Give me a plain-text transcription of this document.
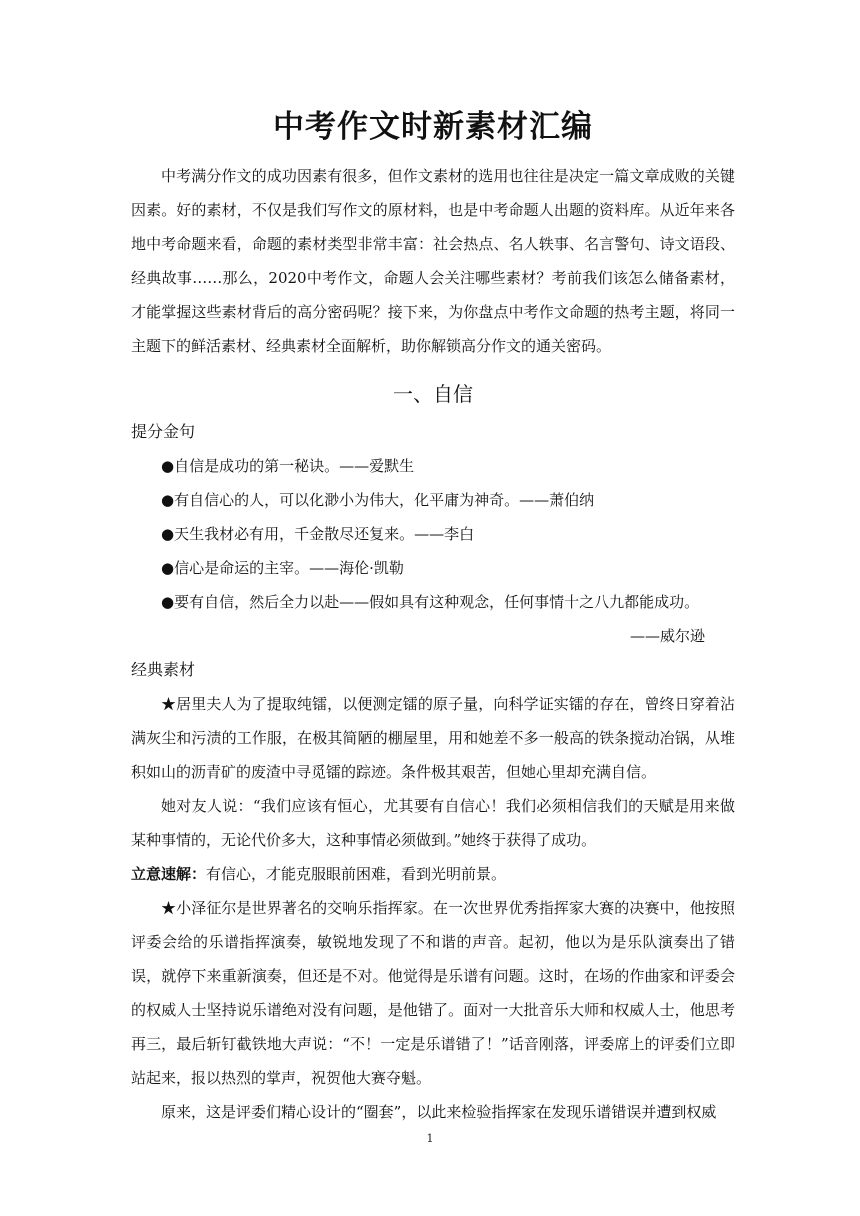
中考作文时新素材汇编

中考满分作文的成功因素有很多，但作文素材的选用也往往是决定一篇文章成败的关键因素。好的素材，不仅是我们写作文的原材料，也是中考命题人出题的资料库。从近年来各地中考命题来看，命题的素材类型非常丰富：社会热点、名人轶事、名言警句、诗文语段、经典故事……那么，2020中考作文，命题人会关注哪些素材？考前我们该怎么储备素材，才能掌握这些素材背后的高分密码呢？接下来，为你盘点中考作文命题的热考主题，将同一主题下的鲜活素材、经典素材全面解析，助你解锁高分作文的通关密码。

一、自信
提分金句

●自信是成功的第一秘诀。——爱默生

●有自信心的人，可以化渺小为伟大，化平庸为神奇。——萧伯纳

●天生我材必有用，千金散尽还复来。——李白

●信心是命运的主宰。——海伦·凯勒

●要有自信，然后全力以赴——假如具有这种观念，任何事情十之八九都能成功。

——威尔逊

经典素材

★居里夫人为了提取纯镭，以便测定镭的原子量，向科学证实镭的存在，曾终日穿着沾满灰尘和污渍的工作服，在极其简陋的棚屋里，用和她差不多一般高的铁条搅动冶锅，从堆积如山的沥青矿的废渣中寻觅镭的踪迹。条件极其艰苦，但她心里却充满自信。

她对友人说：“我们应该有恒心，尤其要有自信心！我们必须相信我们的天赋是用来做某种事情的，无论代价多大，这种事情必须做到。”她终于获得了成功。

立意速解：有信心，才能克服眼前困难，看到光明前景。

★小泽征尔是世界著名的交响乐指挥家。在一次世界优秀指挥家大赛的决赛中，他按照评委会给的乐谱指挥演奏，敏锐地发现了不和谐的声音。起初，他以为是乐队演奏出了错误，就停下来重新演奏，但还是不对。他觉得是乐谱有问题。这时，在场的作曲家和评委会的权威人士坚持说乐谱绝对没有问题，是他错了。面对一大批音乐大师和权威人士，他思考再三，最后斩钉截铁地大声说：“不！一定是乐谱错了！”话音刚落，评委席上的评委们立即站起来，报以热烈的掌声，祝贺他大赛夺魁。

原来，这是评委们精心设计的“圈套”，以此来检验指挥家在发现乐谱错误并遭到权威

1
